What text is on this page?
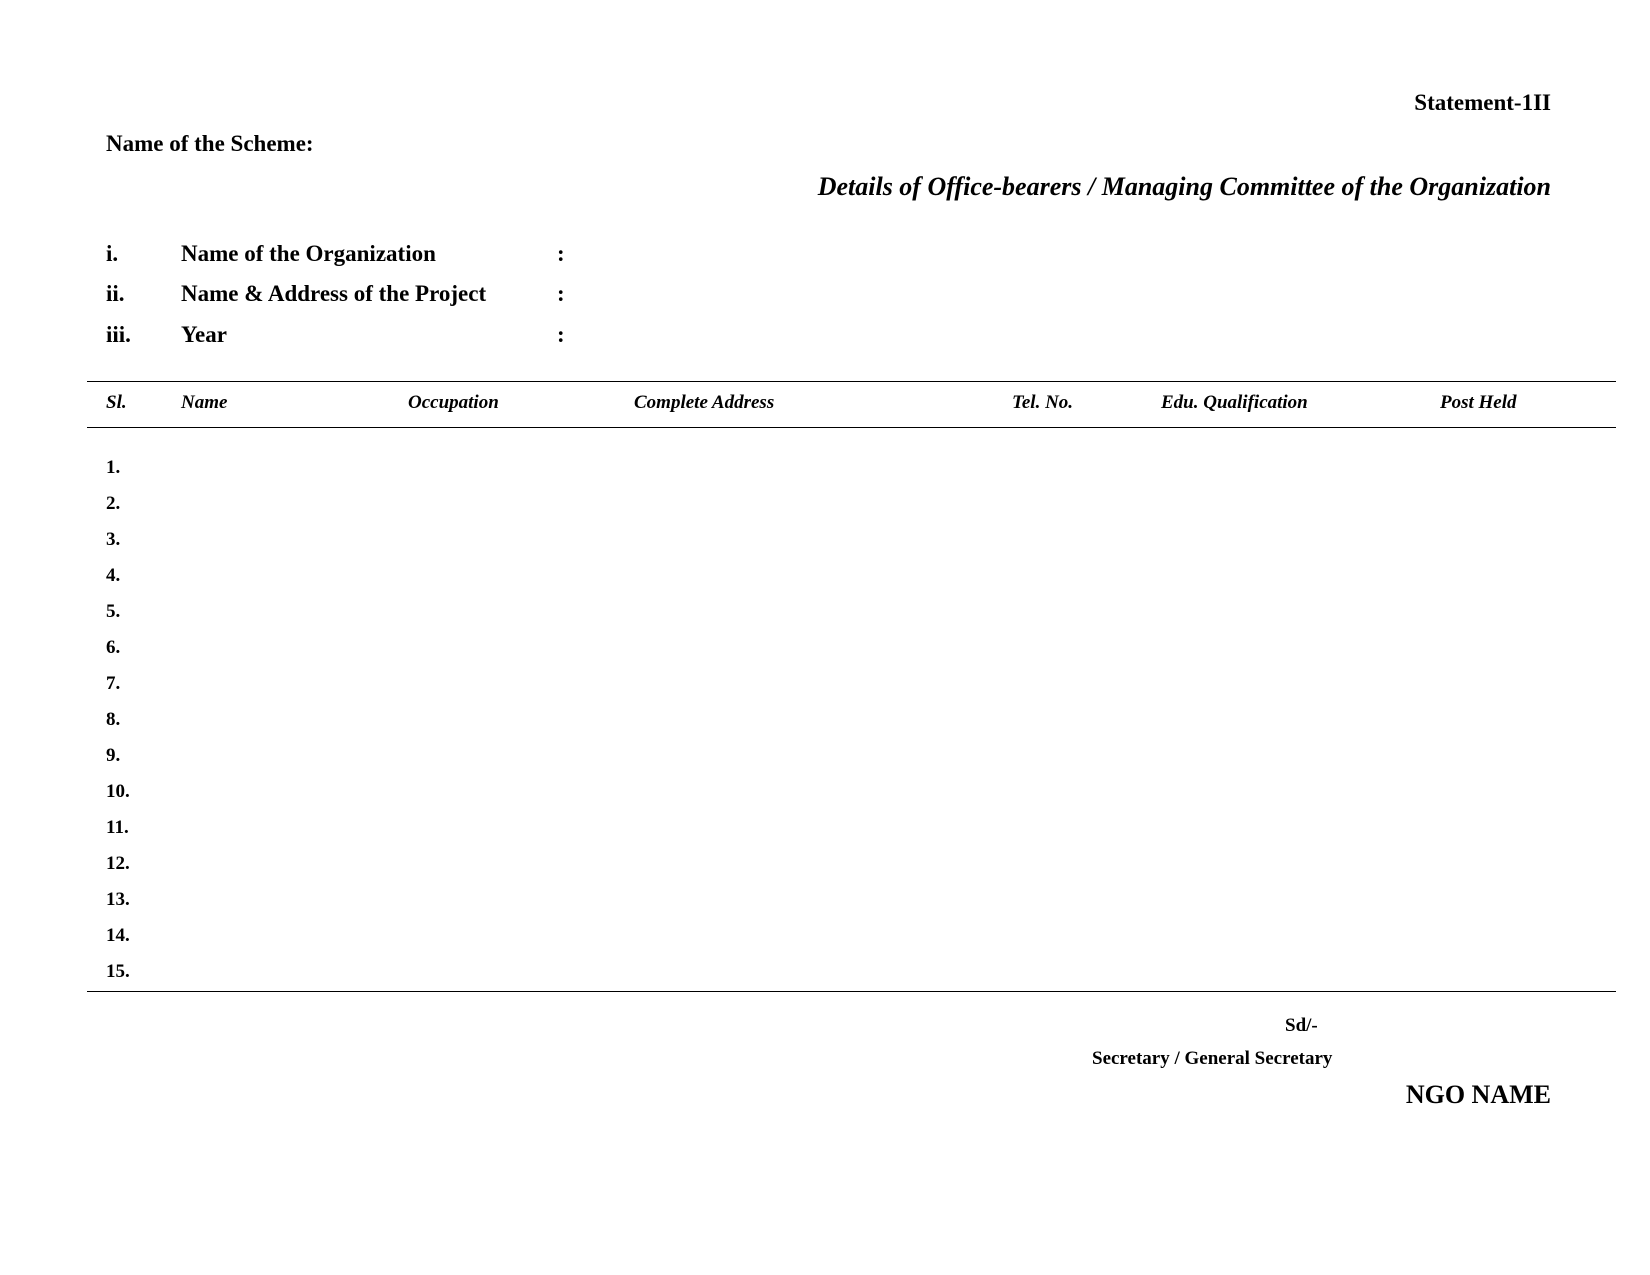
Statement-1II
Name of the Scheme:
Details of Office-bearers / Managing Committee of the Organization
i.	Name of the Organization	:
ii. Name & Address of the Project	:
iii. Year	:
Sl.	Name	Occupation	Complete Address	Tel. No.	Edu. Qualification	Post Held
1.
2.
3.
4.
5.
6.
7.
8.
9.
10.
11.
12.
13.
14.
15.
Sd/-
Secretary / General Secretary
NGO NAME
